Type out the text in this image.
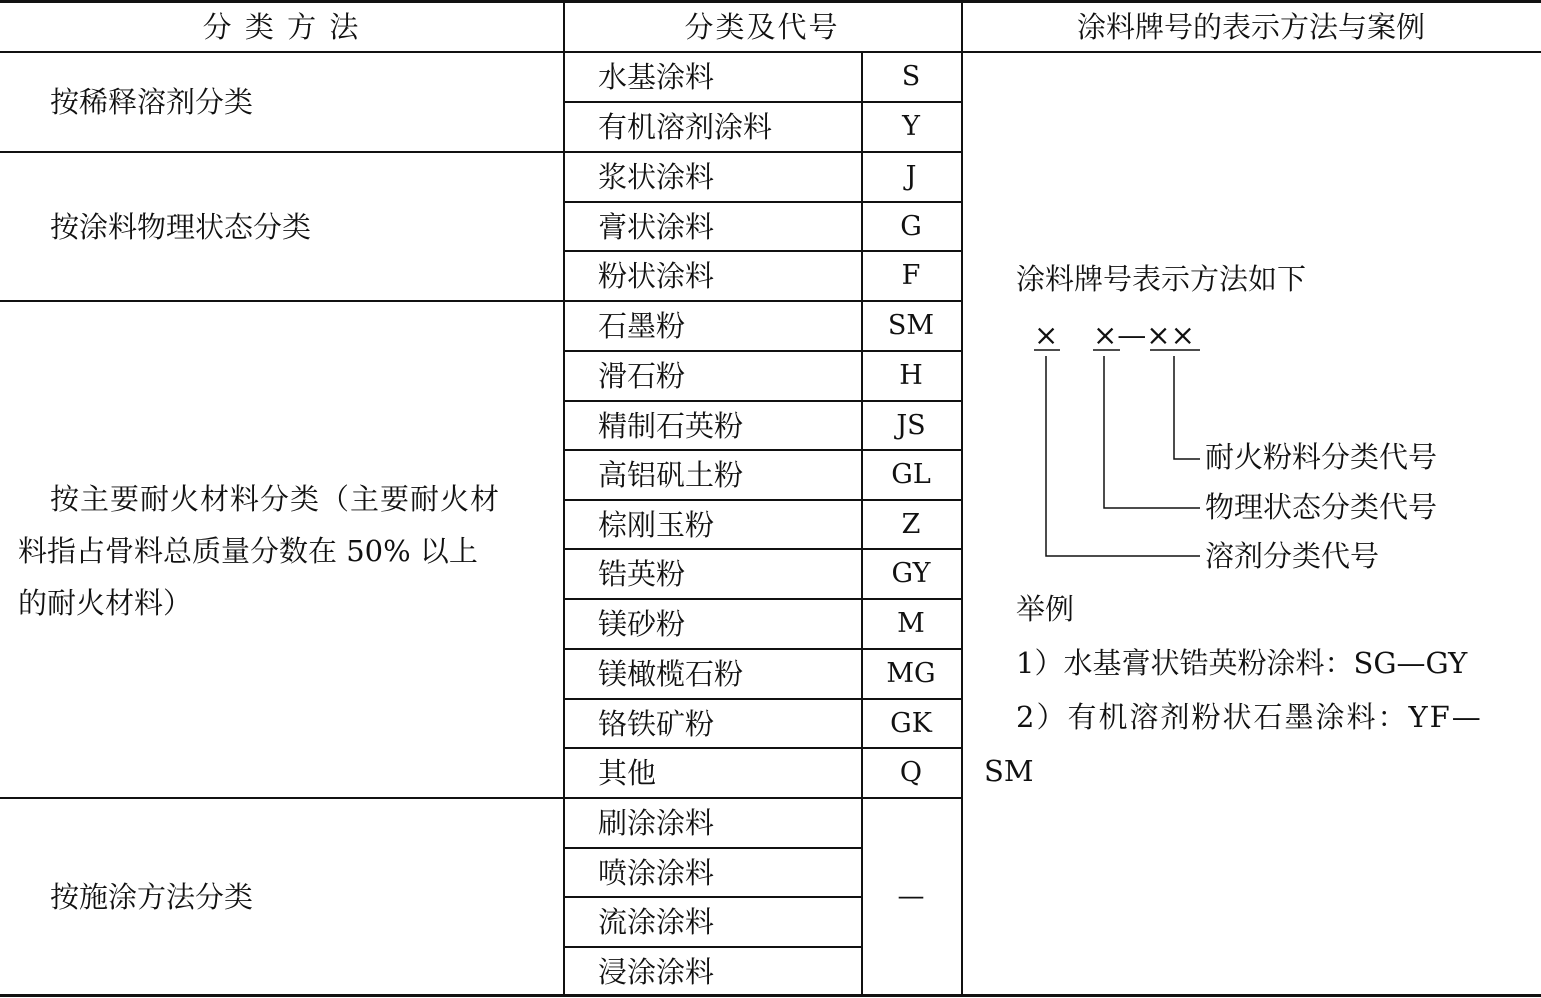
分 类 方 法	分类及代号	涂料牌号的表示方法与案例
按稀释溶剂分类
按涂料物理状态分类
按主要耐火材料分类（主要耐火材
料指占骨料总质量分数在 50% 以上
的耐火材料）
按施涂方法分类
水基涂料
有机溶剂涂料
浆状涂料
膏状涂料
粉状涂料
石墨粉
滑石粉
精制石英粉
高铝矾土粉
棕刚玉粉
锆英粉
镁砂粉
镁橄榄石粉
铬铁矿粉
其他
刷涂涂料
喷涂涂料
流涂涂料
浸涂涂料
S
Y
J
G
F
SM
H
JS
GL
Z
GY
M
MG
GK
Q
—
涂料牌号表示方法如下
× ×—××
耐火粉料分类代号
物理状态分类代号
溶剂分类代号
举例
1）水基膏状锆英粉涂料：SG—GY
2）有机溶剂粉状石墨涂料：YF—
SM
